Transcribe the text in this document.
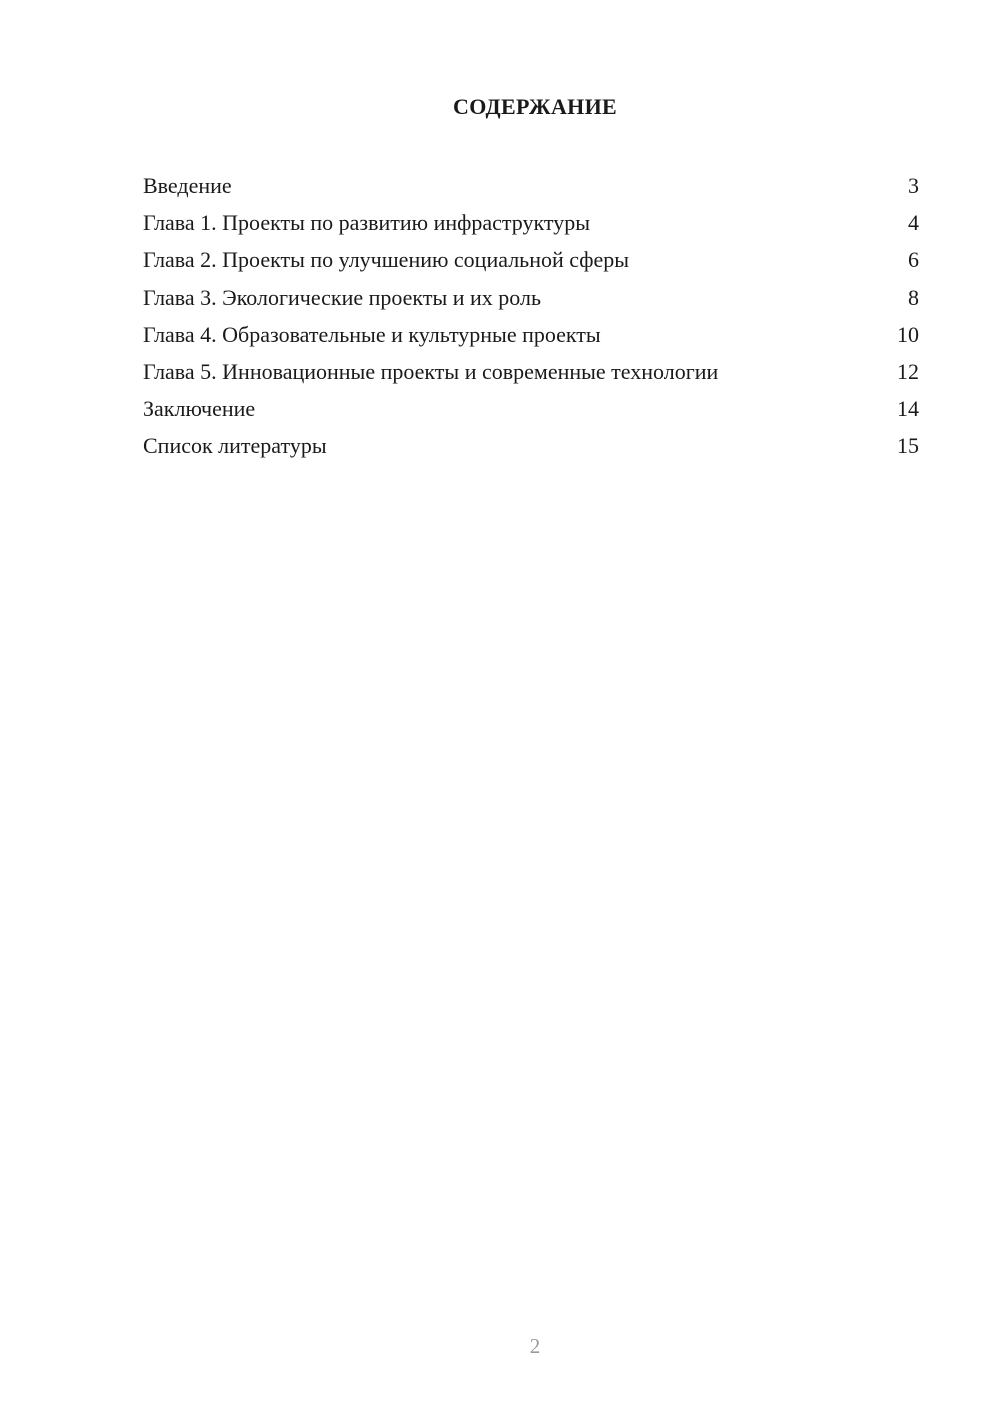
СОДЕРЖАНИЕ
Введение	3
Глава 1. Проекты по развитию инфраструктуры	4
Глава 2. Проекты по улучшению социальной сферы	6
Глава 3. Экологические проекты и их роль	8
Глава 4. Образовательные и культурные проекты	10
Глава 5. Инновационные проекты и современные технологии	12
Заключение	14
Список литературы	15
2
